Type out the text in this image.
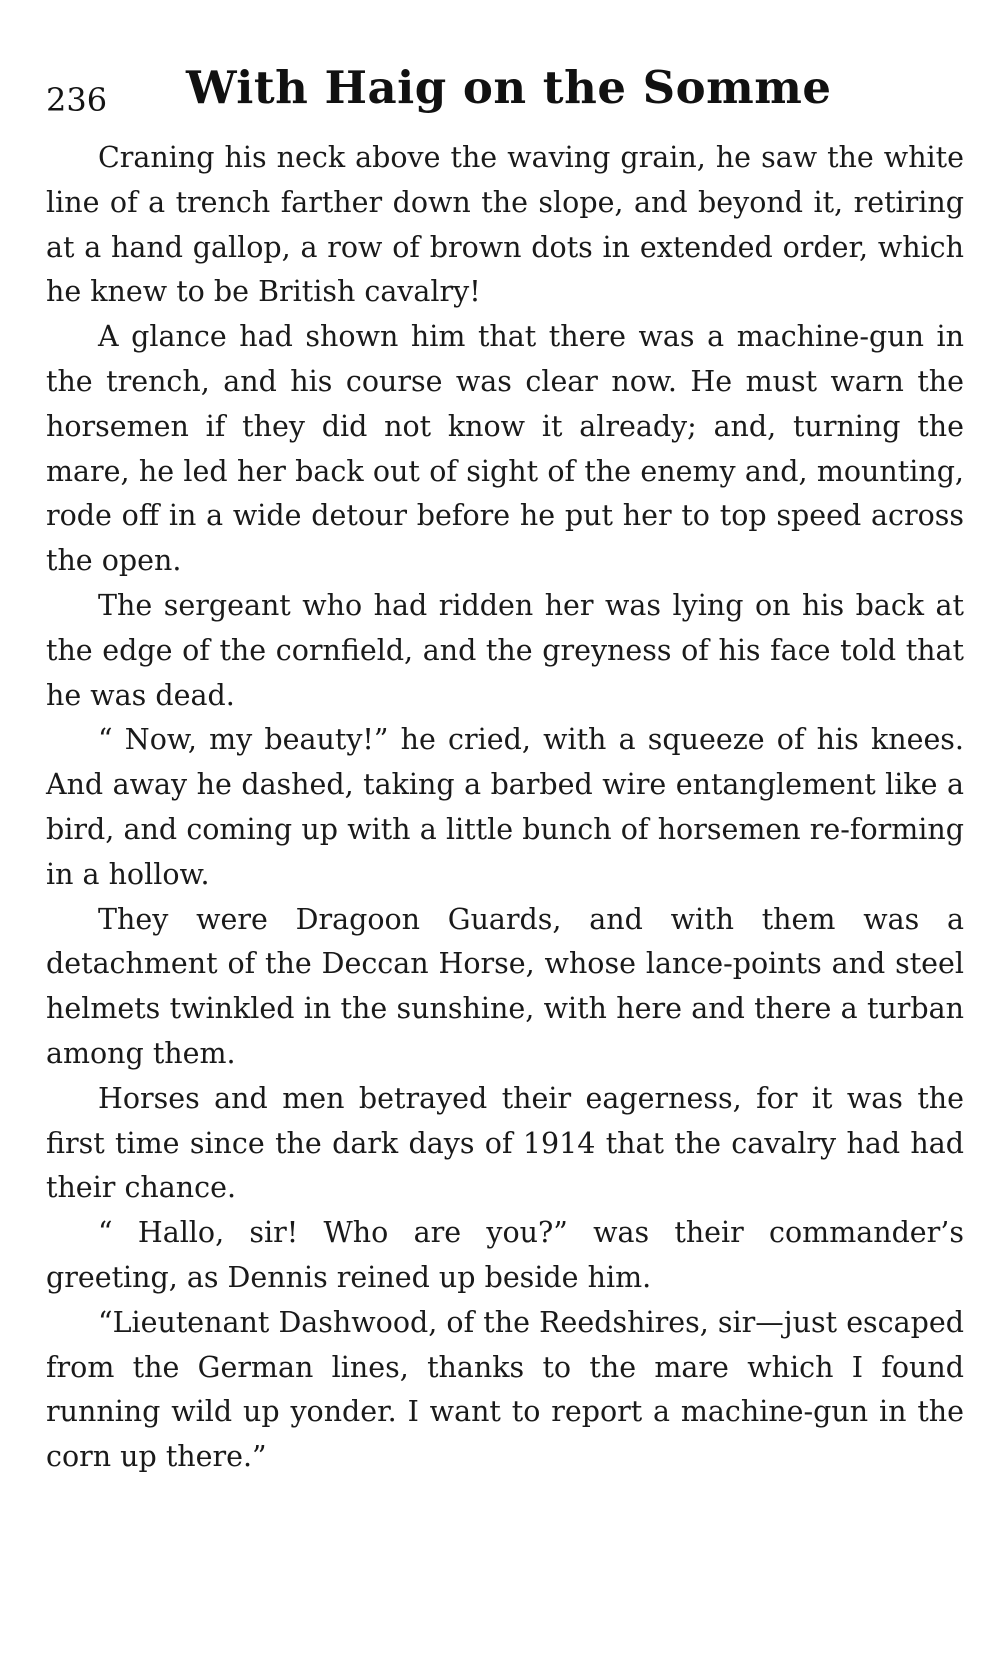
236 With Haig on the Somme

Craning his neck above the waving grain, he saw the white line of a trench farther down the slope, and beyond it, retiring at a hand gallop, a row of brown dots in extended order, which he knew to be British cavalry!

A glance had shown him that there was a machine-gun in the trench, and his course was clear now. He must warn the horsemen if they did not know it already; and, turning the mare, he led her back out of sight of the enemy and, mounting, rode off in a wide detour before he put her to top speed across the open.

The sergeant who had ridden her was lying on his back at the edge of the cornfield, and the greyness of his face told that he was dead.

“ Now, my beauty!” he cried, with a squeeze of his knees. And away he dashed, taking a barbed wire entanglement like a bird, and coming up with a little bunch of horsemen re-forming in a hollow.

They were Dragoon Guards, and with them was a detachment of the Deccan Horse, whose lance-points and steel helmets twinkled in the sunshine, with here and there a turban among them.

Horses and men betrayed their eagerness, for it was the first time since the dark days of 1914 that the cavalry had had their chance.

“ Hallo, sir! Who are you?” was their commander’s greeting, as Dennis reined up beside him.

“Lieutenant Dashwood, of the Reedshires, sir—just escaped from the German lines, thanks to the mare which I found running wild up yonder. I want to report a machine-gun in the corn up there.”
